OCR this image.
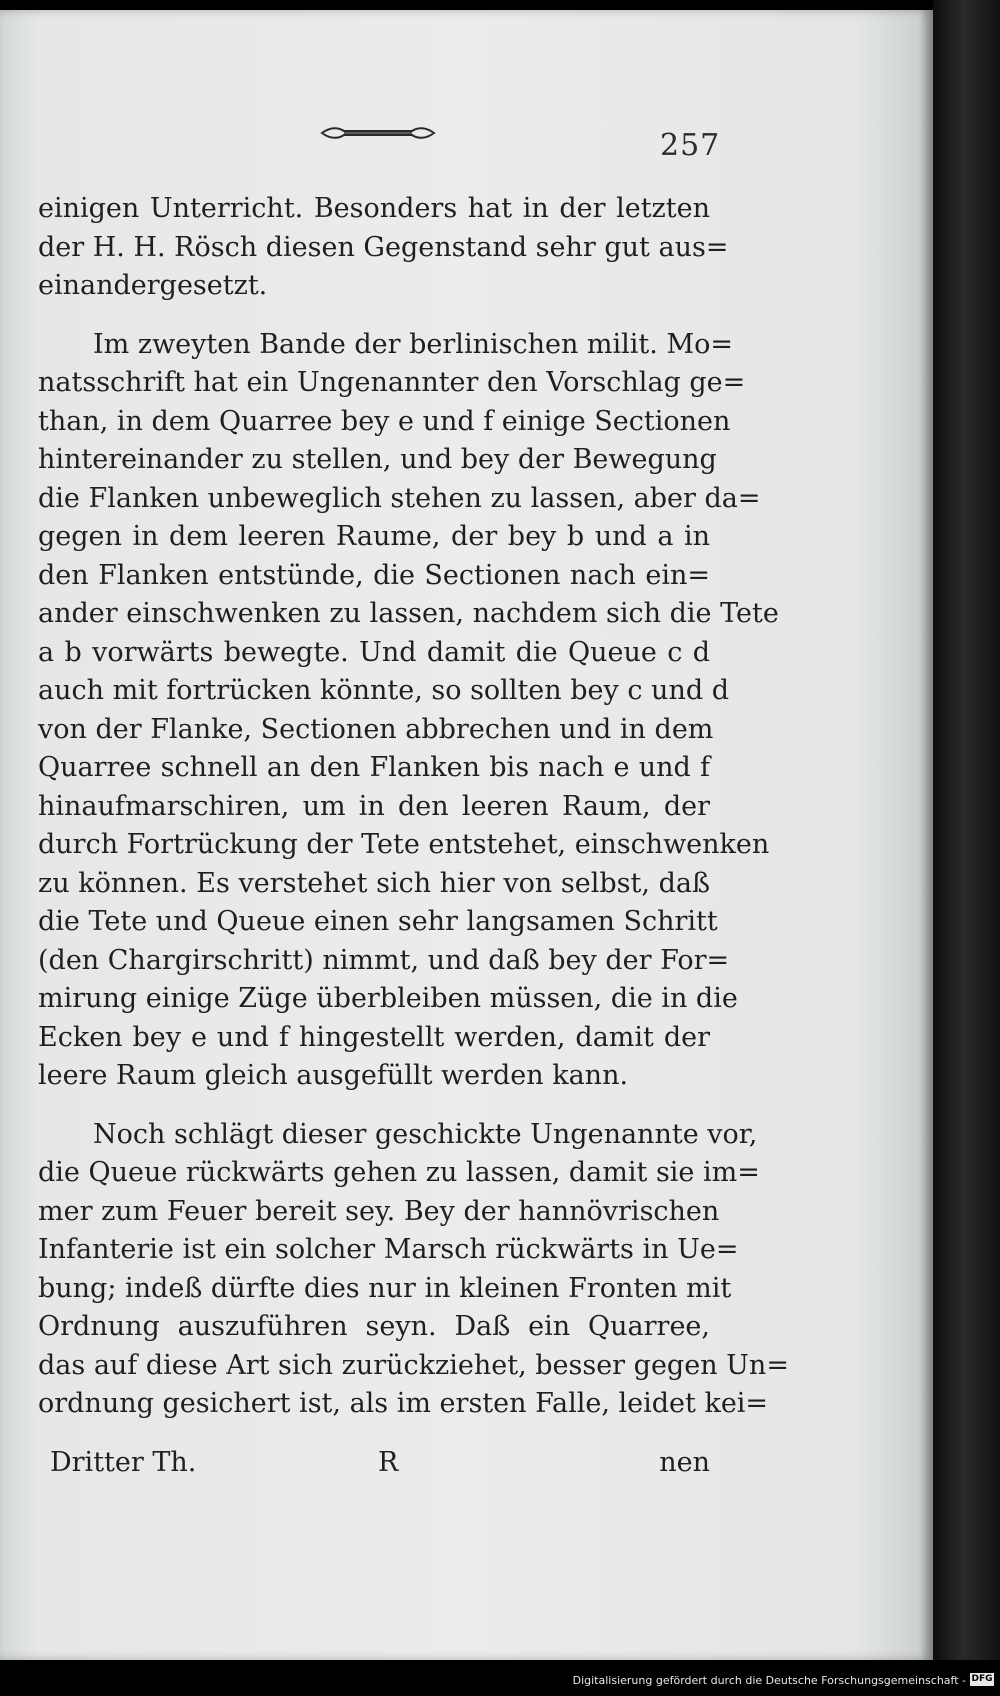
257
einigen Unterricht. Besonders hat in der letzten
der H. H. Rösch diesen Gegenstand sehr gut aus=
einandergesetzt.
Im zweyten Bande der berlinischen milit. Mo=
natsschrift hat ein Ungenannter den Vorschlag ge=
than, in dem Quarree bey e und f einige Sectionen
hintereinander zu stellen, und bey der Bewegung
die Flanken unbeweglich stehen zu lassen, aber da=
gegen in dem leeren Raume, der bey b und a in
den Flanken entstünde, die Sectionen nach ein=
ander einschwenken zu lassen, nachdem sich die Tete
a b vorwärts bewegte. Und damit die Queue c d
auch mit fortrücken könnte, so sollten bey c und d
von der Flanke, Sectionen abbrechen und in dem
Quarree schnell an den Flanken bis nach e und f
hinaufmarschiren, um in den leeren Raum, der
durch Fortrückung der Tete entstehet, einschwenken
zu können. Es verstehet sich hier von selbst, daß
die Tete und Queue einen sehr langsamen Schritt
(den Chargirschritt) nimmt, und daß bey der For=
mirung einige Züge überbleiben müssen, die in die
Ecken bey e und f hingestellt werden, damit der
leere Raum gleich ausgefüllt werden kann.
Noch schlägt dieser geschickte Ungenannte vor,
die Queue rückwärts gehen zu lassen, damit sie im=
mer zum Feuer bereit sey. Bey der hannövrischen
Infanterie ist ein solcher Marsch rückwärts in Ue=
bung; indeß dürfte dies nur in kleinen Fronten mit
Ordnung auszuführen seyn. Daß ein Quarree,
das auf diese Art sich zurückziehet, besser gegen Un=
ordnung gesichert ist, als im ersten Falle, leidet kei=
Dritter Th.	R	nen
Digitalisierung gefördert durch die Deutsche Forschungsgemeinschaft - DFG
